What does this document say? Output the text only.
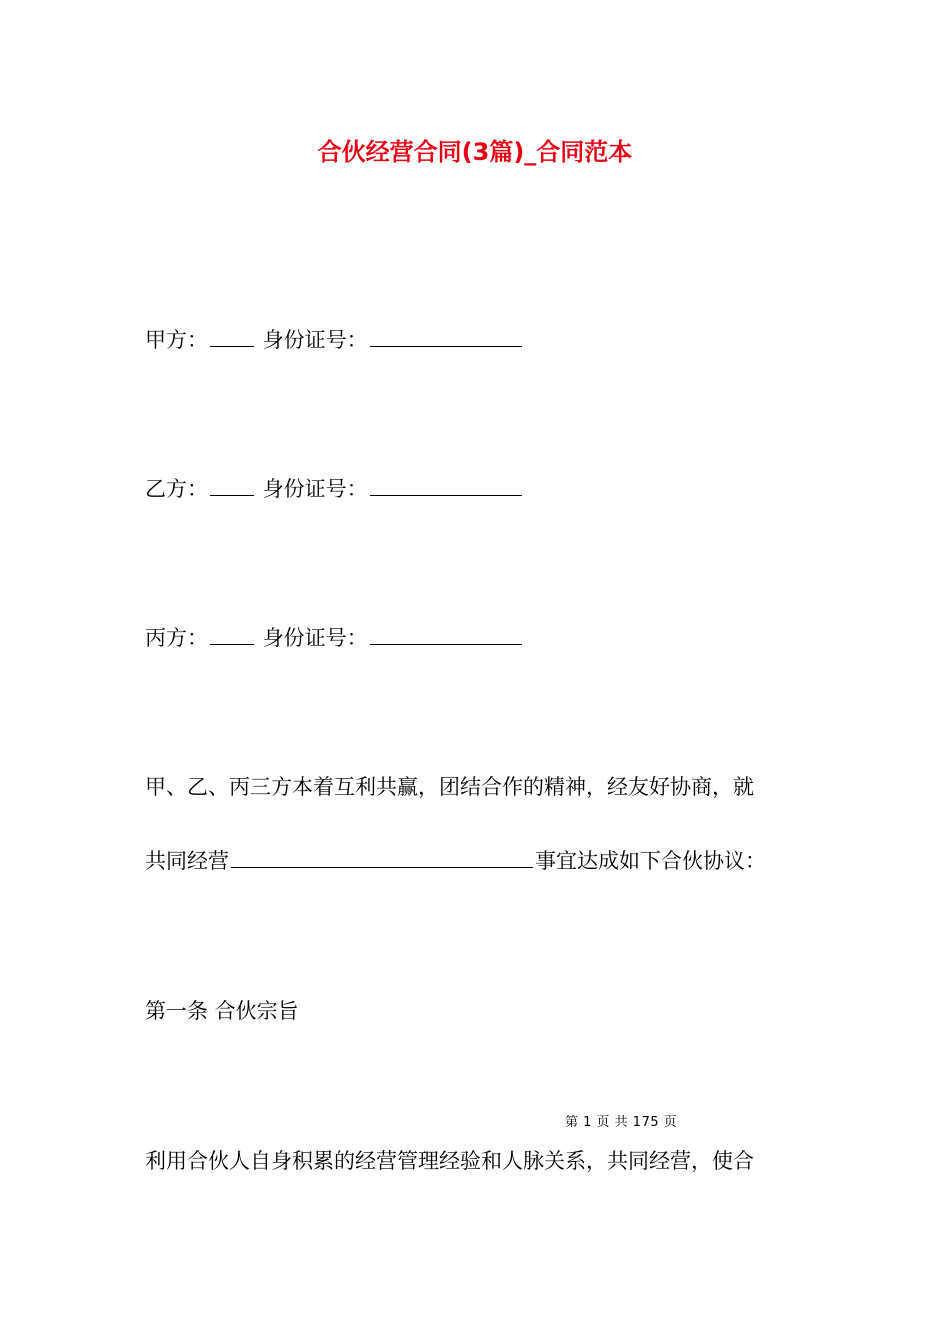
合伙经营合同(3篇)_合同范本
甲方：	身份证号：
乙方：	身份证号：
丙方：	身份证号：
甲、乙、丙三方本着互利共赢，团结合作的精神，经友好协商，就
共同经营	事宜达成如下合伙协议：
第一条 合伙宗旨
第 1 页 共 175 页
利用合伙人自身积累的经营管理经验和人脉关系，共同经营，使合
